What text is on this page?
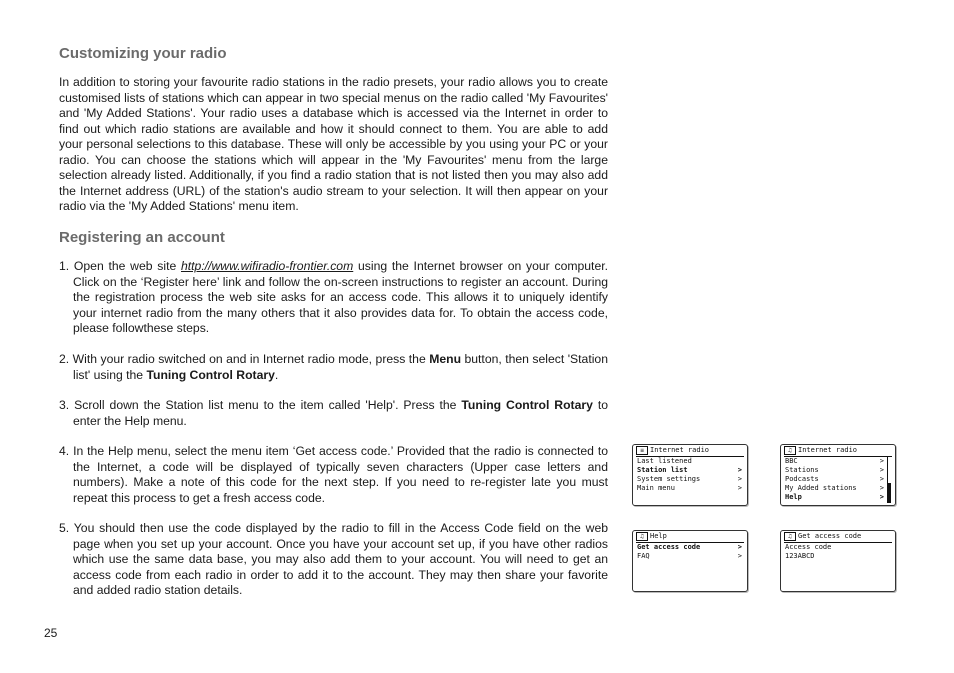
Customizing your radio

In addition to storing your favourite radio stations in the radio presets, your radio allows you to create customised lists of stations which can appear in two special menus on the radio called 'My Favourites' and 'My Added Stations'. Your radio uses a database which is accessed via the Internet in order to find out which radio stations are available and how it should connect to them. You are able to add your personal selections to this database. These will only be accessible by you using your PC or your radio. You can choose the stations which will appear in the 'My Favourites' menu from the large selection already listed. Additionally, if you find a radio station that is not listed then you may also add the Internet address (URL) of the station's audio stream to your selection. It will then appear on your radio via the 'My Added Stations' menu item.

Registering an account

1. Open the web site http://www.wifiradio-frontier.com using the Internet browser on your computer. Click on the ‘Register here’ link and follow the on-screen instructions to register an account. During the registration process the web site asks for an access code. This allows it to uniquely identify your internet radio from the many others that it also provides data for. To obtain the access code, please followthese steps.

2. With your radio switched on and in Internet radio mode, press the Menu button, then select 'Station list' using the Tuning Control Rotary.

3. Scroll down the Station list menu to the item called 'Help'. Press the Tuning Control Rotary to enter the Help menu.

4. In the Help menu, select the menu item ‘Get access code.’ Provided that the radio is connected to the Internet, a code will be displayed of typically seven characters (Upper case letters and numbers). Make a note of this code for the next step. If you need to re-register late you must repeat this process to get a fresh access code.

5. You should then use the code displayed by the radio to fill in the Access Code field on the web page when you set up your account. Once you have your account set up, if you have other radios which use the same data base, you may also add them to your account. You will need to get an access code from each radio in order to add it to the account. They may then share your favorite and added radio station details.

≡ Internet radio
Last listened
Station list	>
System settings	>
Main menu	>
♫ Internet radio
BBC	>
Stations	>
Podcasts	>
My Added stations	>
Help	>
♫ Help
Get access code	>
FAQ	>
♫ Get access code
Access code
123ABCD
25
